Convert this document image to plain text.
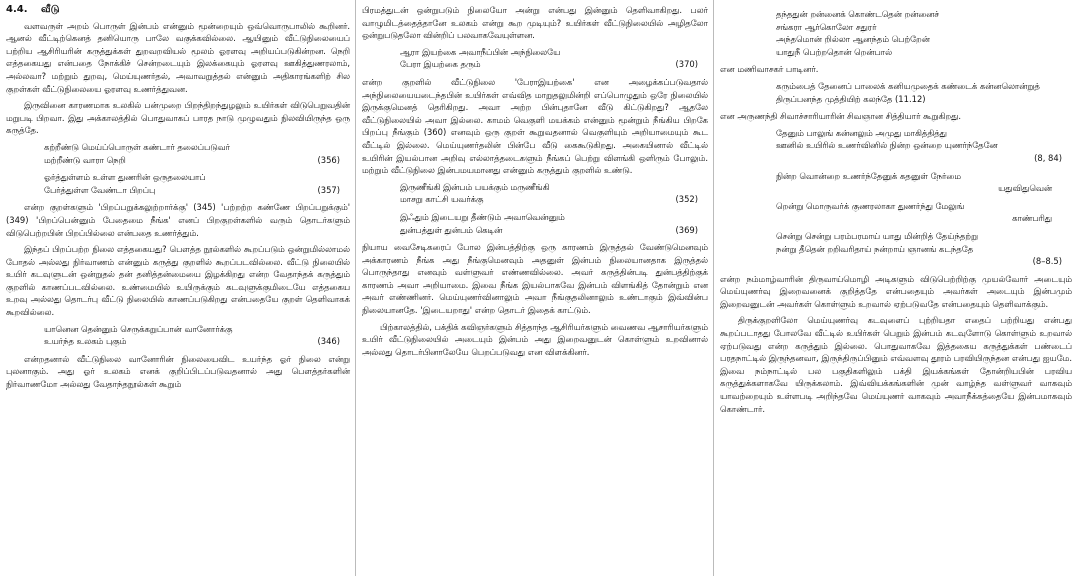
4.4. வீடு

வளவருள் அறம் பொருள் இன்பம் என்னும் மூன்றையும் ஒவ்வொருபாலில் கூறினர். ஆனல் வீட்டிற்கெனத் தனியொரு பாலே வகுக்கவில்லை. ஆயினும் வீட்டுநிலையைப் பற்றிய ஆசிரியரின் கருத்துக்கள் துறவறவியல் மூலம் ஓரளவு அறியப்படுகின்றன. நெறி எத்தகையது என்பதை நோக்கிச் சென்றடையும் இலக்கையும் ஓரளவு ஊகித்துணரலாம், அல்லவா? மற்றும் துறவு, மெய்யுணர்தல், அவாவறுத்தல் என்னும் அதிகாரங்களிற் சில குறள்கள் வீட்டுநிலையை ஓரளவு உணர்த்துவன.

இருவினை காரணமாக உலகில் பன்முறை பிறந்திறந்துழலும் உயிர்கள் விடுபெறுவதின் மறுபடி பிறவா. இது அக்காலத்தில் பொதுவாகப் பாரத நாடு முழுவதும் நிலவியிருந்த ஒரு கருத்தே.

கற்றீண்டு மெய்ப்பொருள் கண்டார் தலைப்படுவர்
மற்றீண்டு வாரா நெறி	(356)
ஓர்த்துள்ளம் உள்ள துணரின் ஒருதலையாப்
பேர்த்துள்ள வேண்டா பிறப்பு	(357)

என்ற குறள்களும் 'பிறப்பறுக்கலுற்றார்க்கு' (345) 'பற்றற்ற கண்ணே பிறப்பறுக்கும்' (349) 'பிறப்பென்னும் பேதைமை நீங்க' எனப் பிறகுறள்களில் வரும் தொடர்களும் விடுபெற்றபின் பிறப்பில்லை என்பதை உணர்த்தும்.

இந்தப் பிறப்பற்ற நிலை எத்தகையது? பௌத்த நூல்களில் கூறப்படும் ஒன்றுமில்லாமல் போதல் அல்லது நிர்வாணம் என்னும் கருத்து குறளில் கூறப்படவில்லை. வீட்டு நிலையில் உயிர் கடவுளுடன் ஒன்றுதல் தன் தனித்தன்மையை இழக்கிறது என்ற வேதாந்தக் கருத்தும் குறளில் காணப்படவில்லை. உண்மையில் உயிருக்கும் கடவுளுக்குமிடையே எத்தகைய உறவு அல்லது தொடர்பு வீட்டு நிலையில் காணப்படுகிறது என்பதையே குறள் தெளிவாகக் கூறவில்லை.

யானென தென்னும் செருக்கறுப்பான் வானோர்க்கு
உயர்ந்த உலகம் புகும்	(346)

என்றதனால் வீட்டுநிலை வானோரின் நிலையைவிட உயர்ந்த ஓர் நிலை என்று புலனாகும். அது ஓர் உலகம் எனக் குறிப்பிடப்படுவதனால் அது பௌத்தர்களின் நிர்வாணமோ அல்லது வேதாந்தநூல்கள் கூறும்

பிரமத்துடன் ஒன்றுபடும் நிலையோ அன்று என்பது இன்னும் தெளிவாகிறது. பலர் வாழுமிடத்தைத்தானே உலகம் என்று கூற முடியும்? உயிர்கள் வீட்டுநிலையில் அழிதலோ ஒன்றுபடுதலோ வின்றிப் பலவாகவேயுள்ளன.

ஆரா இயற்கை அவாநீப்பின் அந்நிலையே
பேரா இயற்கை தரும்	(370)

என்ற குறளில் வீட்டுநிலை 'பேராஇயற்கை' என அழைக்கப்படுவதால் அந்நிலையையடைந்தபின் உயிர்கள் எவ்வித மாறுதலுமின்றி எப்பொழுதும் ஒரே நிலையில் இருக்குமெனத் தெரிகிறது. அவா அற்ற பின்புதானே வீடு கிட்டுகிறது? ஆதலே வீட்டுநிலையில் அவா இல்லை. காமம் வெகுளி மயக்கம் என்னும் மூன்றும் நீங்கிய பிறகே பிறப்பு நீங்கும் (360) எனவும் ஒரு குறள் கூறுவதனால் வெகுளியும் அறியாமையும் கூட வீட்டில் இல்லை. மெய்யுணர்தலின் பின்பே வீடு கைகூடுகிறது. அகையினால் வீட்டில் உயிரின் இயல்பான அறிவு எல்லாத்தடைகளும் நீங்கப் பெற்று விளங்கி ஒளிரும் போலும். மற்றும் வீட்டுநிலை இன்பமயமானது என்னும் கருத்தும் குறளில் உண்டு.

இருணீங்கி இன்பம் பயக்கும் மருணீங்கி
மாசறு காட்சி யவர்க்கு	(352)
இஃதும் இடையறு தீண்டும் அவாவென்னும்
துன்பத்துள் துன்பம் கெடின்	(369)

நியாய வைசேடிகரைப் போல இன்பத்திற்கு ஒரு காரணம் இருத்தல் வேண்டுமெனவும் அக்காரணம் நீங்க அது நீங்குமெனவும் அதனுள் இன்பம் நிலையானதாக இருத்தல் பொருந்தாது எனவும் வள்ளுவர் எண்ணவில்லை. அவர் கருத்தின்படி துன்பத்திற்குக் காரணம் அவா அறியாமை. இவை நீங்க இயல்பாகவே இன்பம் விளங்கித் தோன்றும் என அவர் எண்ணினர். மெய்யுணர்வினாலும் அவா நீங்குதலினாலும் உண்டாகும் இவ்வின்ப நிலையானதே. 'இடையறாது' என்ற தொடர் இதைக் காட்டும்.

பிற்காலத்தில், பக்திக் கவிஞர்களும் சித்தாந்த ஆசிரியர்களும் வைணவ ஆசாரியர்களும் உயிர் வீட்டுநிலையில் அடையும் இன்பம் அது இறைவனுடன் கொள்ளும் உறவினால் அல்லது தொடர்பினாலேயே பெறப்படுவது என விளக்கினர்.

தந்ததுன் றன்னைக் கொண்டதென் றன்னைச்
சங்கரா ஆர்கொலோ சதுரர்
அந்தமொன் றில்லா ஆனந்தம் பெற்றேன்
யாதுநீ பெற்றதொன் றென்பால்

என மணிவாசகர் பாடினர்.

கரும்பைத் தேனைப் பாலைக் கனியமுதைக் கண்டைக் கன்னலொன்றுத் திருப்பனந்த முத்தியிற் கலந்தே (11.12)

என அருணந்தி சிவாச்சாரியாரின் சிவஞான சித்தியார் கூறுகிறது.

தேனும் பாலுங் கன்னலும் அமுது மாகித்தித்து
ஊனில் உயிரில் உணர்வினில் நின்ற ஒன்றை யுணர்ந்தேனே
(8, 84)

நின்ற வொன்றை உணர்ந்தேனுக் கதனுள் நேர்மை
யதுவிதுவென்
றென்று மொருவர்க் குணரலாகா துணர்ந்து மேலுங்
காண்பரிது
சென்று சென்று பரம்பரமாய் யாது மின்றித் தேய்ந்தற்று
நன்று தீதென் றறிவரிதாய் நன்றாய் ஞானங் கடந்ததே
(8–8.5)

என்ற நம்மாழ்வாரின் திருவாய்மொழி அடிகளும் விடுபெற்றிற்கு முயல்வோர் அடையும் மெய்யுணர்வு இறைவனைக் குறித்ததே என்பதையும் அவர்கள் அடையும் இன்பமும் இறைவனுடன் அவர்கள் கொள்ளும் உறவால் ஏற்படுவதே என்பதையும் தெளிவாக்கும்.

திருக்குறளிலோ மெய்யுணர்வு கடவுளைப் புற்றியதா எதைப் பற்றியது என்பது கூறப்படாதது போலவே வீட்டில் உயிர்கள் பெறும் இன்பம் கடவுளோடு கொள்ளும் உறவால் ஏற்படுவது என்ற கருத்தும் இல்லை. பொதுவாகவே இத்தகைய கருத்துக்கள் பண்டைப் பரதநாட்டில் இருந்தனவா, இருந்திருப்பினும் எவ்வளவு தூரம் பரவியிருந்தன என்பது ஐயமே. இவை நம்நாட்டில் பல பகுதிகளிலும் பக்தி இயக்கங்கள் தோன்றியபின் பரவிய கருத்துக்களாகவே யிருக்கலாம். இவ்வியக்கங்களின் முன் வாழ்ந்த வள்ளுவர் வாகவும் யாவற்றையும் உள்ளபடி அறிந்தவே மெய்யுணர் வாகவும் அவாநீக்கத்தையே இன்பமாகவும் கொண்டார்.
